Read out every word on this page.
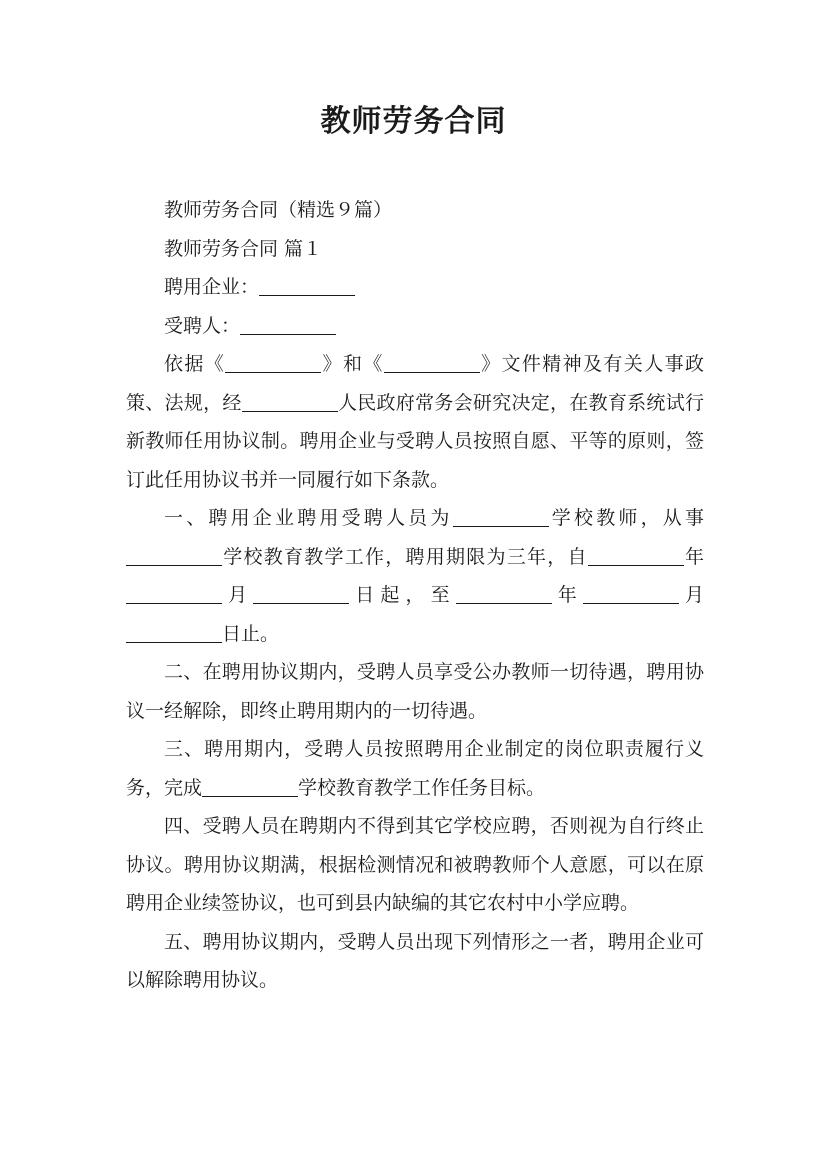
教师劳务合同

教师劳务合同（精选９篇）

教师劳务合同 篇１

聘用企业：

受聘人：

依据《	》和《	》文件精神及有关人事政策、法规，经	人民政府常务会研究决定，在教育系统试行新教师任用协议制。聘用企业与受聘人员按照自愿、平等的原则，签订此任用协议书并一同履行如下条款。

一、聘用企业聘用受聘人员为	学校教师，从事学校教育教学工作，聘用期限为三年，自	年月	日起，至	年	月日止。

二、在聘用协议期内，受聘人员享受公办教师一切待遇，聘用协议一经解除，即终止聘用期内的一切待遇。

三、聘用期内，受聘人员按照聘用企业制定的岗位职责履行义务，完成	学校教育教学工作任务目标。

四、受聘人员在聘期内不得到其它学校应聘，否则视为自行终止协议。聘用协议期满，根据检测情况和被聘教师个人意愿，可以在原聘用企业续签协议，也可到县内缺编的其它农村中小学应聘。

五、聘用协议期内，受聘人员出现下列情形之一者，聘用企业可以解除聘用协议。
